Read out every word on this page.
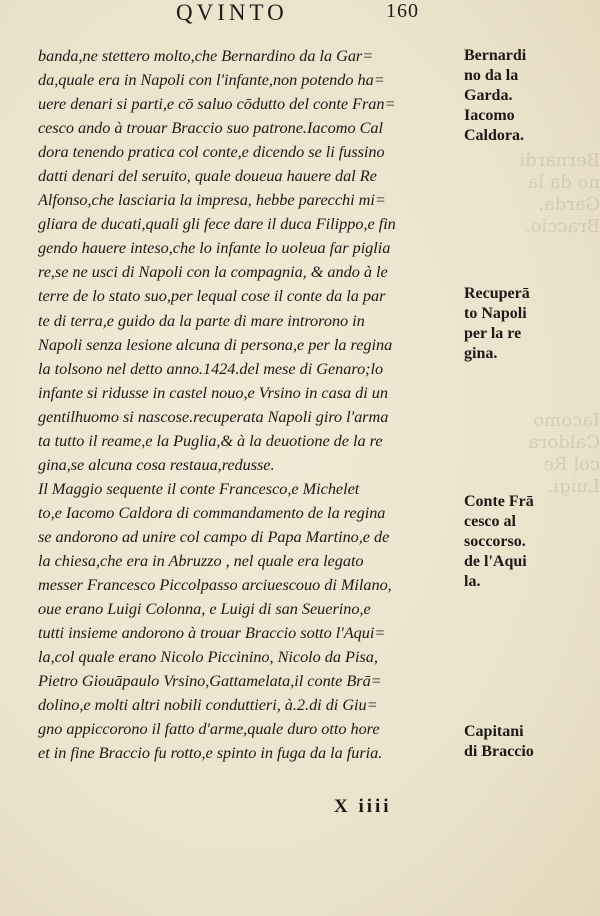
Bernardi
no da la
Garda.
Braccio.
Iacomo
Caldora
col Re
Luigi.
QVINTO	160
banda,ne stettero molto,che Bernardino da la Gar=
da,quale era in Napoli con l'infante,non potendo ha=
uere denari si parti,e cō saluo cōdutto del conte Fran=
cesco ando à trouar Braccio suo patrone.Iacomo Cal
dora tenendo pratica col conte,e dicendo se li fussino
datti denari del seruito, quale doueua hauere dal Re
Alfonso,che lasciaria la impresa, hebbe parecchi mi=
gliara de ducati,quali gli fece dare il duca Filippo,e fin
gendo hauere inteso,che lo infante lo uoleua far piglia
re,se ne usci di Napoli con la compagnia, & ando à le
terre de lo stato suo,per lequal cose il conte da la par
te di terra,e guido da la parte di mare introrono in
Napoli senza lesione alcuna di persona,e per la regina
la tolsono nel detto anno.1424.del mese di Genaro;lo
infante si ridusse in castel nouo,e Vrsino in casa di un
gentilhuomo si nascose.recuperata Napoli giro l'arma
ta tutto il reame,e la Puglia,& à la deuotione de la re
gina,se alcuna cosa restaua,redusse.
Il Maggio sequente il conte Francesco,e Michelet
to,e Iacomo Caldora di commandamento de la regina
se andorono ad unire col campo di Papa Martino,e de
la chiesa,che era in Abruzzo , nel quale era legato
messer Francesco Piccolpasso arciuescouo di Milano,
oue erano Luigi Colonna, e Luigi di san Seuerino,e
tutti insieme andorono à trouar Braccio sotto l'Aqui=
la,col quale erano Nicolo Piccinino, Nicolo da Pisa,
Pietro Giouāpaulo Vrsino,Gattamelata,il conte Brā=
dolino,e molti altri nobili conduttieri, à.2.di di Giu=
gno appiccorono il fatto d'arme,quale duro otto hore
et in fine Braccio fu rotto,e spinto in fuga da la furia.
Bernardi
no da la
Garda.
Iacomo
Caldora.
Recuperā
to Napoli
per la re
gina.
Conte Frā
cesco al
soccorso.
de l'Aqui
la.
Capitani
di Braccio
X iiii
